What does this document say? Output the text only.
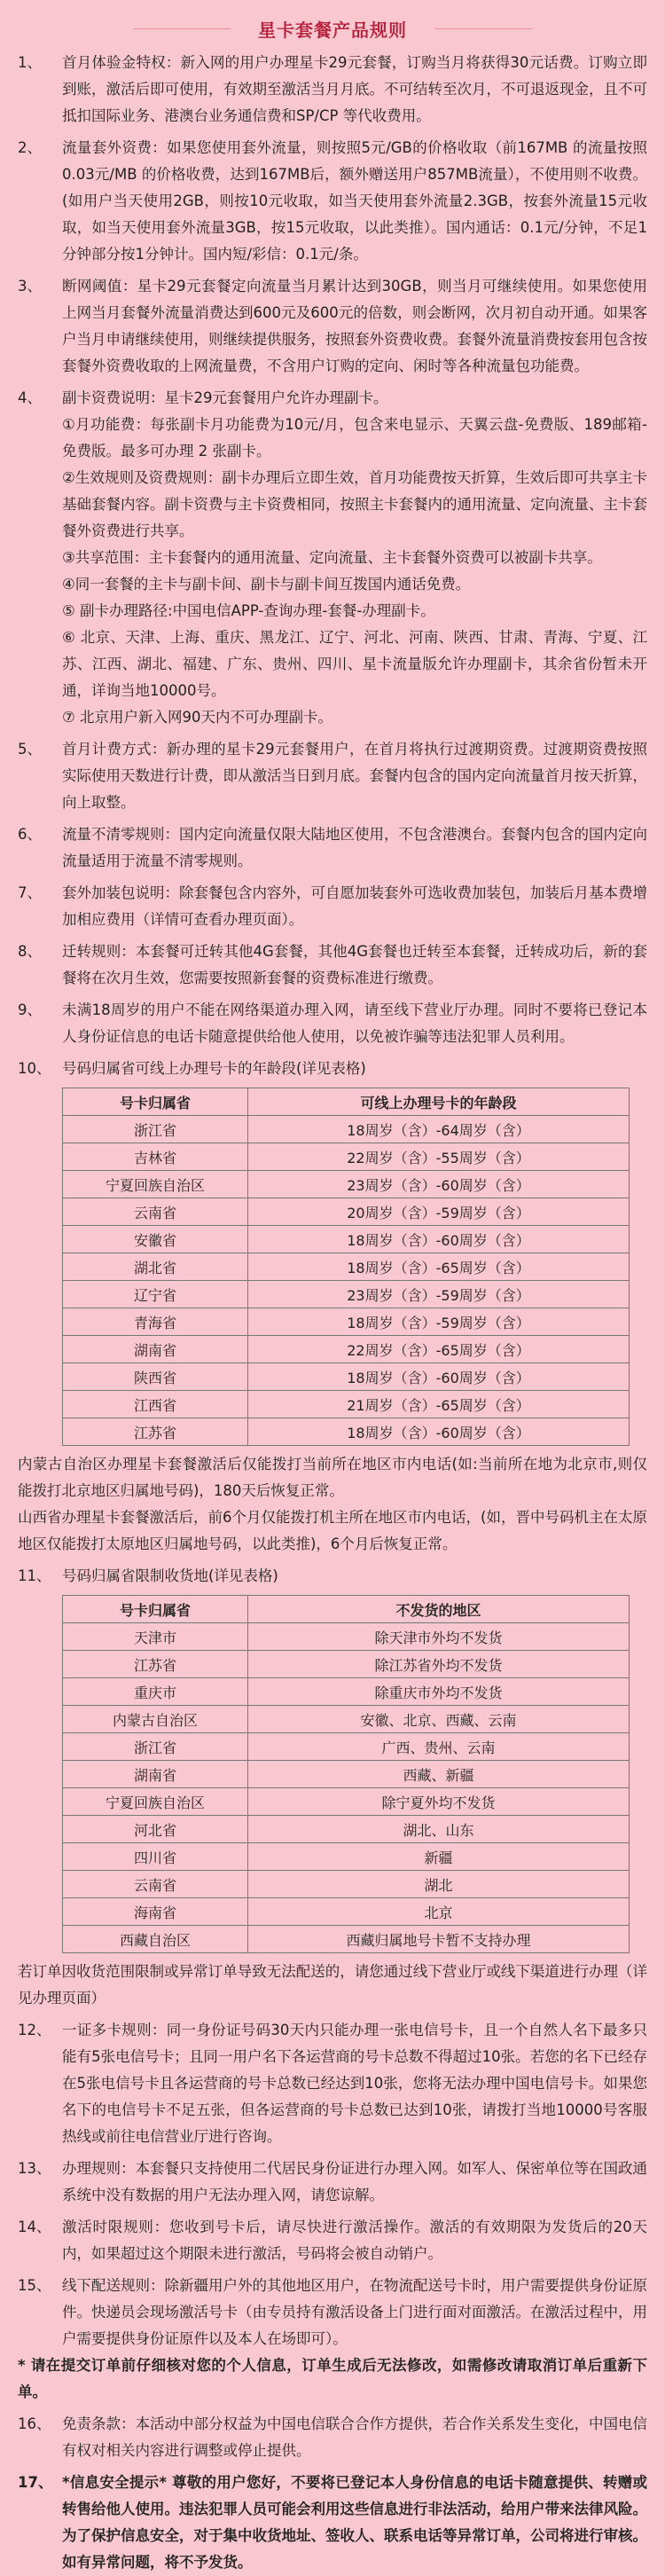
星卡套餐产品规则
1、	首月体验金特权：新入网的用户办理星卡29元套餐，订购当月将获得30元话费。订购立即到账，激活后即可使用，有效期至激活当月月底。不可结转至次月，不可退返现金，且不可抵扣国际业务、港澳台业务通信费和SP/CP 等代收费用。
2、	流量套外资费：如果您使用套外流量，则按照5元/GB的价格收取（前167MB 的流量按照0.03元/MB 的价格收费，达到167MB后，额外赠送用户857MB流量），不使用则不收费。(如用户当天使用2GB，则按10元收取，如当天使用套外流量2.3GB，按套外流量15元收取，如当天使用套外流量3GB，按15元收取，以此类推）。国内通话：0.1元/分钟，不足1分钟部分按1分钟计。国内短/彩信：0.1元/条。
3、	断网阈值：星卡29元套餐定向流量当月累计达到30GB，则当月可继续使用。如果您使用上网当月套餐外流量消费达到600元及600元的倍数，则会断网，次月初自动开通。如果客户当月申请继续使用，则继续提供服务，按照套外资费收费。套餐外流量消费按套用包含按套餐外资费收取的上网流量费，不含用户订购的定向、闲时等各种流量包功能费。
4、	副卡资费说明：星卡29元套餐用户允许办理副卡。
①月功能费：每张副卡月功能费为10元/月，包含来电显示、天翼云盘-免费版、189邮箱-免费版。最多可办理 2 张副卡。
②生效规则及资费规则：副卡办理后立即生效，首月功能费按天折算，生效后即可共享主卡基础套餐内容。副卡资费与主卡资费相同，按照主卡套餐内的通用流量、定向流量、主卡套餐外资费进行共享。
③共享范围：主卡套餐内的通用流量、定向流量、主卡套餐外资费可以被副卡共享。
④同一套餐的主卡与副卡间、副卡与副卡间互拨国内通话免费。
⑤ 副卡办理路径:中国电信APP-查询办理-套餐-办理副卡。
⑥ 北京、天津、上海、重庆、黑龙江、辽宁、河北、河南、陕西、甘肃、青海、宁夏、江苏、江西、湖北、福建、广东、贵州、四川、星卡流量版允许办理副卡，其余省份暂未开通，详询当地10000号。
⑦ 北京用户新入网90天内不可办理副卡。
5、	首月计费方式：新办理的星卡29元套餐用户，在首月将执行过渡期资费。过渡期资费按照实际使用天数进行计费，即从激活当日到月底。套餐内包含的国内定向流量首月按天折算，向上取整。
6、	流量不清零规则：国内定向流量仅限大陆地区使用，不包含港澳台。套餐内包含的国内定向流量适用于流量不清零规则。
7、	套外加装包说明：除套餐包含内容外，可自愿加装套外可选收费加装包，加装后月基本费增加相应费用（详情可查看办理页面）。
8、	迁转规则：本套餐可迁转其他4G套餐，其他4G套餐也迁转至本套餐，迁转成功后，新的套餐将在次月生效，您需要按照新套餐的资费标准进行缴费。
9、	未满18周岁的用户不能在网络渠道办理入网，请至线下营业厅办理。同时不要将已登记本人身份证信息的电话卡随意提供给他人使用，以免被诈骗等违法犯罪人员利用。
10、 号码归属省可线上办理号卡的年龄段(详见表格)
号卡归属省	可线上办理号卡的年龄段
浙江省	18周岁（含）-64周岁（含）
吉林省	22周岁（含）-55周岁（含）
宁夏回族自治区	23周岁（含）-60周岁（含）
云南省	20周岁（含）-59周岁（含）
安徽省	18周岁（含）-60周岁（含）
湖北省	18周岁（含）-65周岁（含）
辽宁省	23周岁（含）-59周岁（含）
青海省	18周岁（含）-59周岁（含）
湖南省	22周岁（含）-65周岁（含）
陕西省	18周岁（含）-60周岁（含）
江西省	21周岁（含）-65周岁（含）
江苏省	18周岁（含）-60周岁（含）
内蒙古自治区办理星卡套餐激活后仅能拨打当前所在地区市内电话(如:当前所在地为北京市,则仅能拨打北京地区归属地号码)，180天后恢复正常。
山西省办理星卡套餐激活后，前6个月仅能拨打机主所在地区市内电话，(如，晋中号码机主在太原地区仅能拨打太原地区归属地号码，以此类推)，6个月后恢复正常。
11、 号码归属省限制收货地(详见表格)
号卡归属省	不发货的地区
天津市	除天津市外均不发货
江苏省	除江苏省外均不发货
重庆市	除重庆市外均不发货
内蒙古自治区	安徽、北京、西藏、云南
浙江省	广西、贵州、云南
湖南省	西藏、新疆
宁夏回族自治区	除宁夏外均不发货
河北省	湖北、山东
四川省	新疆
云南省	湖北
海南省	北京
西藏自治区	西藏归属地号卡暂不支持办理
若订单因收货范围限制或异常订单导致无法配送的，请您通过线下营业厅或线下渠道进行办理（详见办理页面）
12、 一证多卡规则：同一身份证号码30天内只能办理一张电信号卡，且一个自然人名下最多只能有5张电信号卡；且同一用户名下各运营商的号卡总数不得超过10张。若您的名下已经存在5张电信号卡且各运营商的号卡总数已经达到10张，您将无法办理中国电信号卡。如果您名下的电信号卡不足五张，但各运营商的号卡总数已达到10张，请拨打当地10000号客服热线或前往电信营业厅进行咨询。
13、 办理规则：本套餐只支持使用二代居民身份证进行办理入网。如军人、保密单位等在国政通系统中没有数据的用户无法办理入网，请您谅解。
14、 激活时限规则：您收到号卡后，请尽快进行激活操作。激活的有效期限为发货后的20天内，如果超过这个期限未进行激活，号码将会被自动销户。
15、 线下配送规则：除新疆用户外的其他地区用户，在物流配送号卡时，用户需要提供身份证原件。快递员会现场激活号卡（由专员持有激活设备上门进行面对面激活。在激活过程中，用户需要提供身份证原件以及本人在场即可）。
* 请在提交订单前仔细核对您的个人信息，订单生成后无法修改，如需修改请取消订单后重新下单。
16、 免责条款：本活动中部分权益为中国电信联合合作方提供，若合作关系发生变化，中国电信有权对相关内容进行调整或停止提供。
17、 *信息安全提示* 尊敬的用户您好，不要将已登记本人身份信息的电话卡随意提供、转赠或转售给他人使用。违法犯罪人员可能会利用这些信息进行非法活动，给用户带来法律风险。为了保护信息安全，对于集中收货地址、签收人、联系电话等异常订单，公司将进行审核。如有异常问题，将不予发货。
